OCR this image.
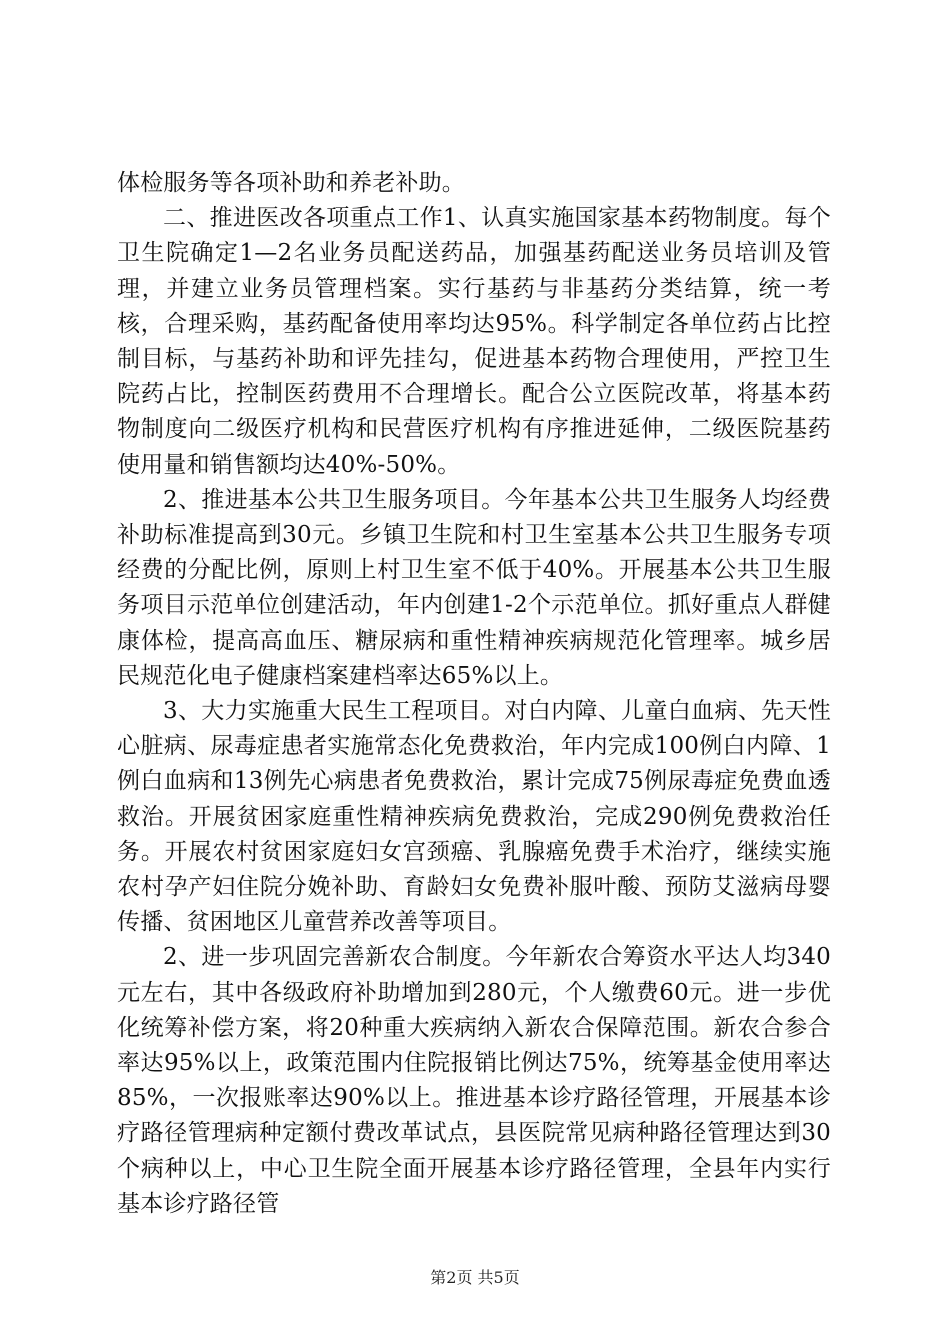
体检服务等各项补助和养老补助。

二、推进医改各项重点工作1、认真实施国家基本药物制度。每个卫生院确定1—2名业务员配送药品，加强基药配送业务员培训及管理，并建立业务员管理档案。实行基药与非基药分类结算，统一考核，合理采购，基药配备使用率均达95%。科学制定各单位药占比控制目标，与基药补助和评先挂勾，促进基本药物合理使用，严控卫生院药占比，控制医药费用不合理增长。配合公立医院改革，将基本药物制度向二级医疗机构和民营医疗机构有序推进延伸，二级医院基药使用量和销售额均达40%-50%。

2、推进基本公共卫生服务项目。今年基本公共卫生服务人均经费补助标准提高到30元。乡镇卫生院和村卫生室基本公共卫生服务专项经费的分配比例，原则上村卫生室不低于40%。开展基本公共卫生服务项目示范单位创建活动，年内创建1-2个示范单位。抓好重点人群健康体检，提高高血压、糖尿病和重性精神疾病规范化管理率。城乡居民规范化电子健康档案建档率达65%以上。

3、大力实施重大民生工程项目。对白内障、儿童白血病、先天性心脏病、尿毒症患者实施常态化免费救治，年内完成100例白内障、1例白血病和13例先心病患者免费救治，累计完成75例尿毒症免费血透救治。开展贫困家庭重性精神疾病免费救治，完成290例免费救治任务。开展农村贫困家庭妇女宫颈癌、乳腺癌免费手术治疗，继续实施农村孕产妇住院分娩补助、育龄妇女免费补服叶酸、预防艾滋病母婴传播、贫困地区儿童营养改善等项目。

2、进一步巩固完善新农合制度。今年新农合筹资水平达人均340元左右，其中各级政府补助增加到280元，个人缴费60元。进一步优化统筹补偿方案，将20种重大疾病纳入新农合保障范围。新农合参合率达95%以上，政策范围内住院报销比例达75%，统筹基金使用率达85%，一次报账率达90%以上。推进基本诊疗路径管理，开展基本诊疗路径管理病种定额付费改革试点，县医院常见病种路径管理达到30个病种以上，中心卫生院全面开展基本诊疗路径管理，全县年内实行基本诊疗路径管

第2页 共5页
